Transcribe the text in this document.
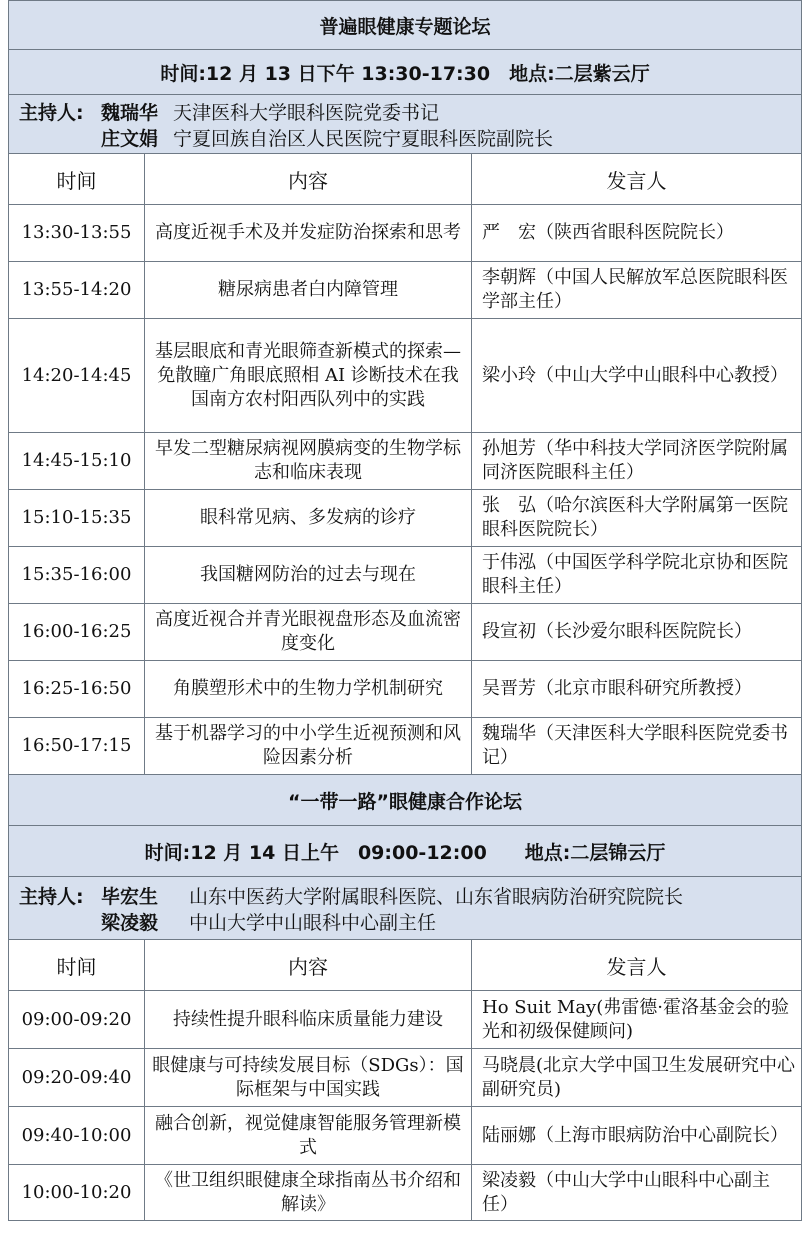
普遍眼健康专题论坛		
时间:12 月 13 日下午 13:30-17:30　地点:二层紫云厅		

主持人: 魏瑞华 天津医科大学眼科医院党委书记
庄文娟 宁夏回族自治区人民医院宁夏眼科医院副院长		

时间	内容	发言人
13:30-13:55	高度近视手术及并发症防治探索和思考	严　宏（陕西省眼科医院院长）
13:55-14:20	糖尿病患者白内障管理	李朝辉（中国人民解放军总医院眼科医学部主任）
14:20-14:45	基层眼底和青光眼筛查新模式的探索—免散瞳广角眼底照相 AI 诊断技术在我国南方农村阳西队列中的实践	梁小玲（中山大学中山眼科中心教授）
14:45-15:10	早发二型糖尿病视网膜病变的生物学标志和临床表现	孙旭芳（华中科技大学同济医学院附属同济医院眼科主任）
15:10-15:35	眼科常见病、多发病的诊疗	张　弘（哈尔滨医科大学附属第一医院眼科医院院长）
15:35-16:00	我国糖网防治的过去与现在	于伟泓（中国医学科学院北京协和医院眼科主任）
16:00-16:25	高度近视合并青光眼视盘形态及血流密度变化	段宣初（长沙爱尔眼科医院院长）
16:25-16:50	角膜塑形术中的生物力学机制研究	吴晋芳（北京市眼科研究所教授）
16:50-17:15	基于机器学习的中小学生近视预测和风险因素分析	魏瑞华（天津医科大学眼科医院党委书记）
“一带一路”眼健康合作论坛		
时间:12 月 14 日上午　09:00-12:00　　地点:二层锦云厅		

主持人: 毕宏生 山东中医药大学附属眼科医院、山东省眼病防治研究院院长
梁凌毅 中山大学中山眼科中心副主任		

时间	内容	发言人
09:00-09:20	持续性提升眼科临床质量能力建设	Ho Suit May(弗雷德·霍洛基金会的验光和初级保健顾问)
09:20-09:40	眼健康与可持续发展目标（SDGs）：国际框架与中国实践	马晓晨(北京大学中国卫生发展研究中心副研究员)
09:40-10:00	融合创新，视觉健康智能服务管理新模式	陆丽娜（上海市眼病防治中心副院长）
10:00-10:20	《世卫组织眼健康全球指南丛书介绍和解读》	梁凌毅（中山大学中山眼科中心副主任）
